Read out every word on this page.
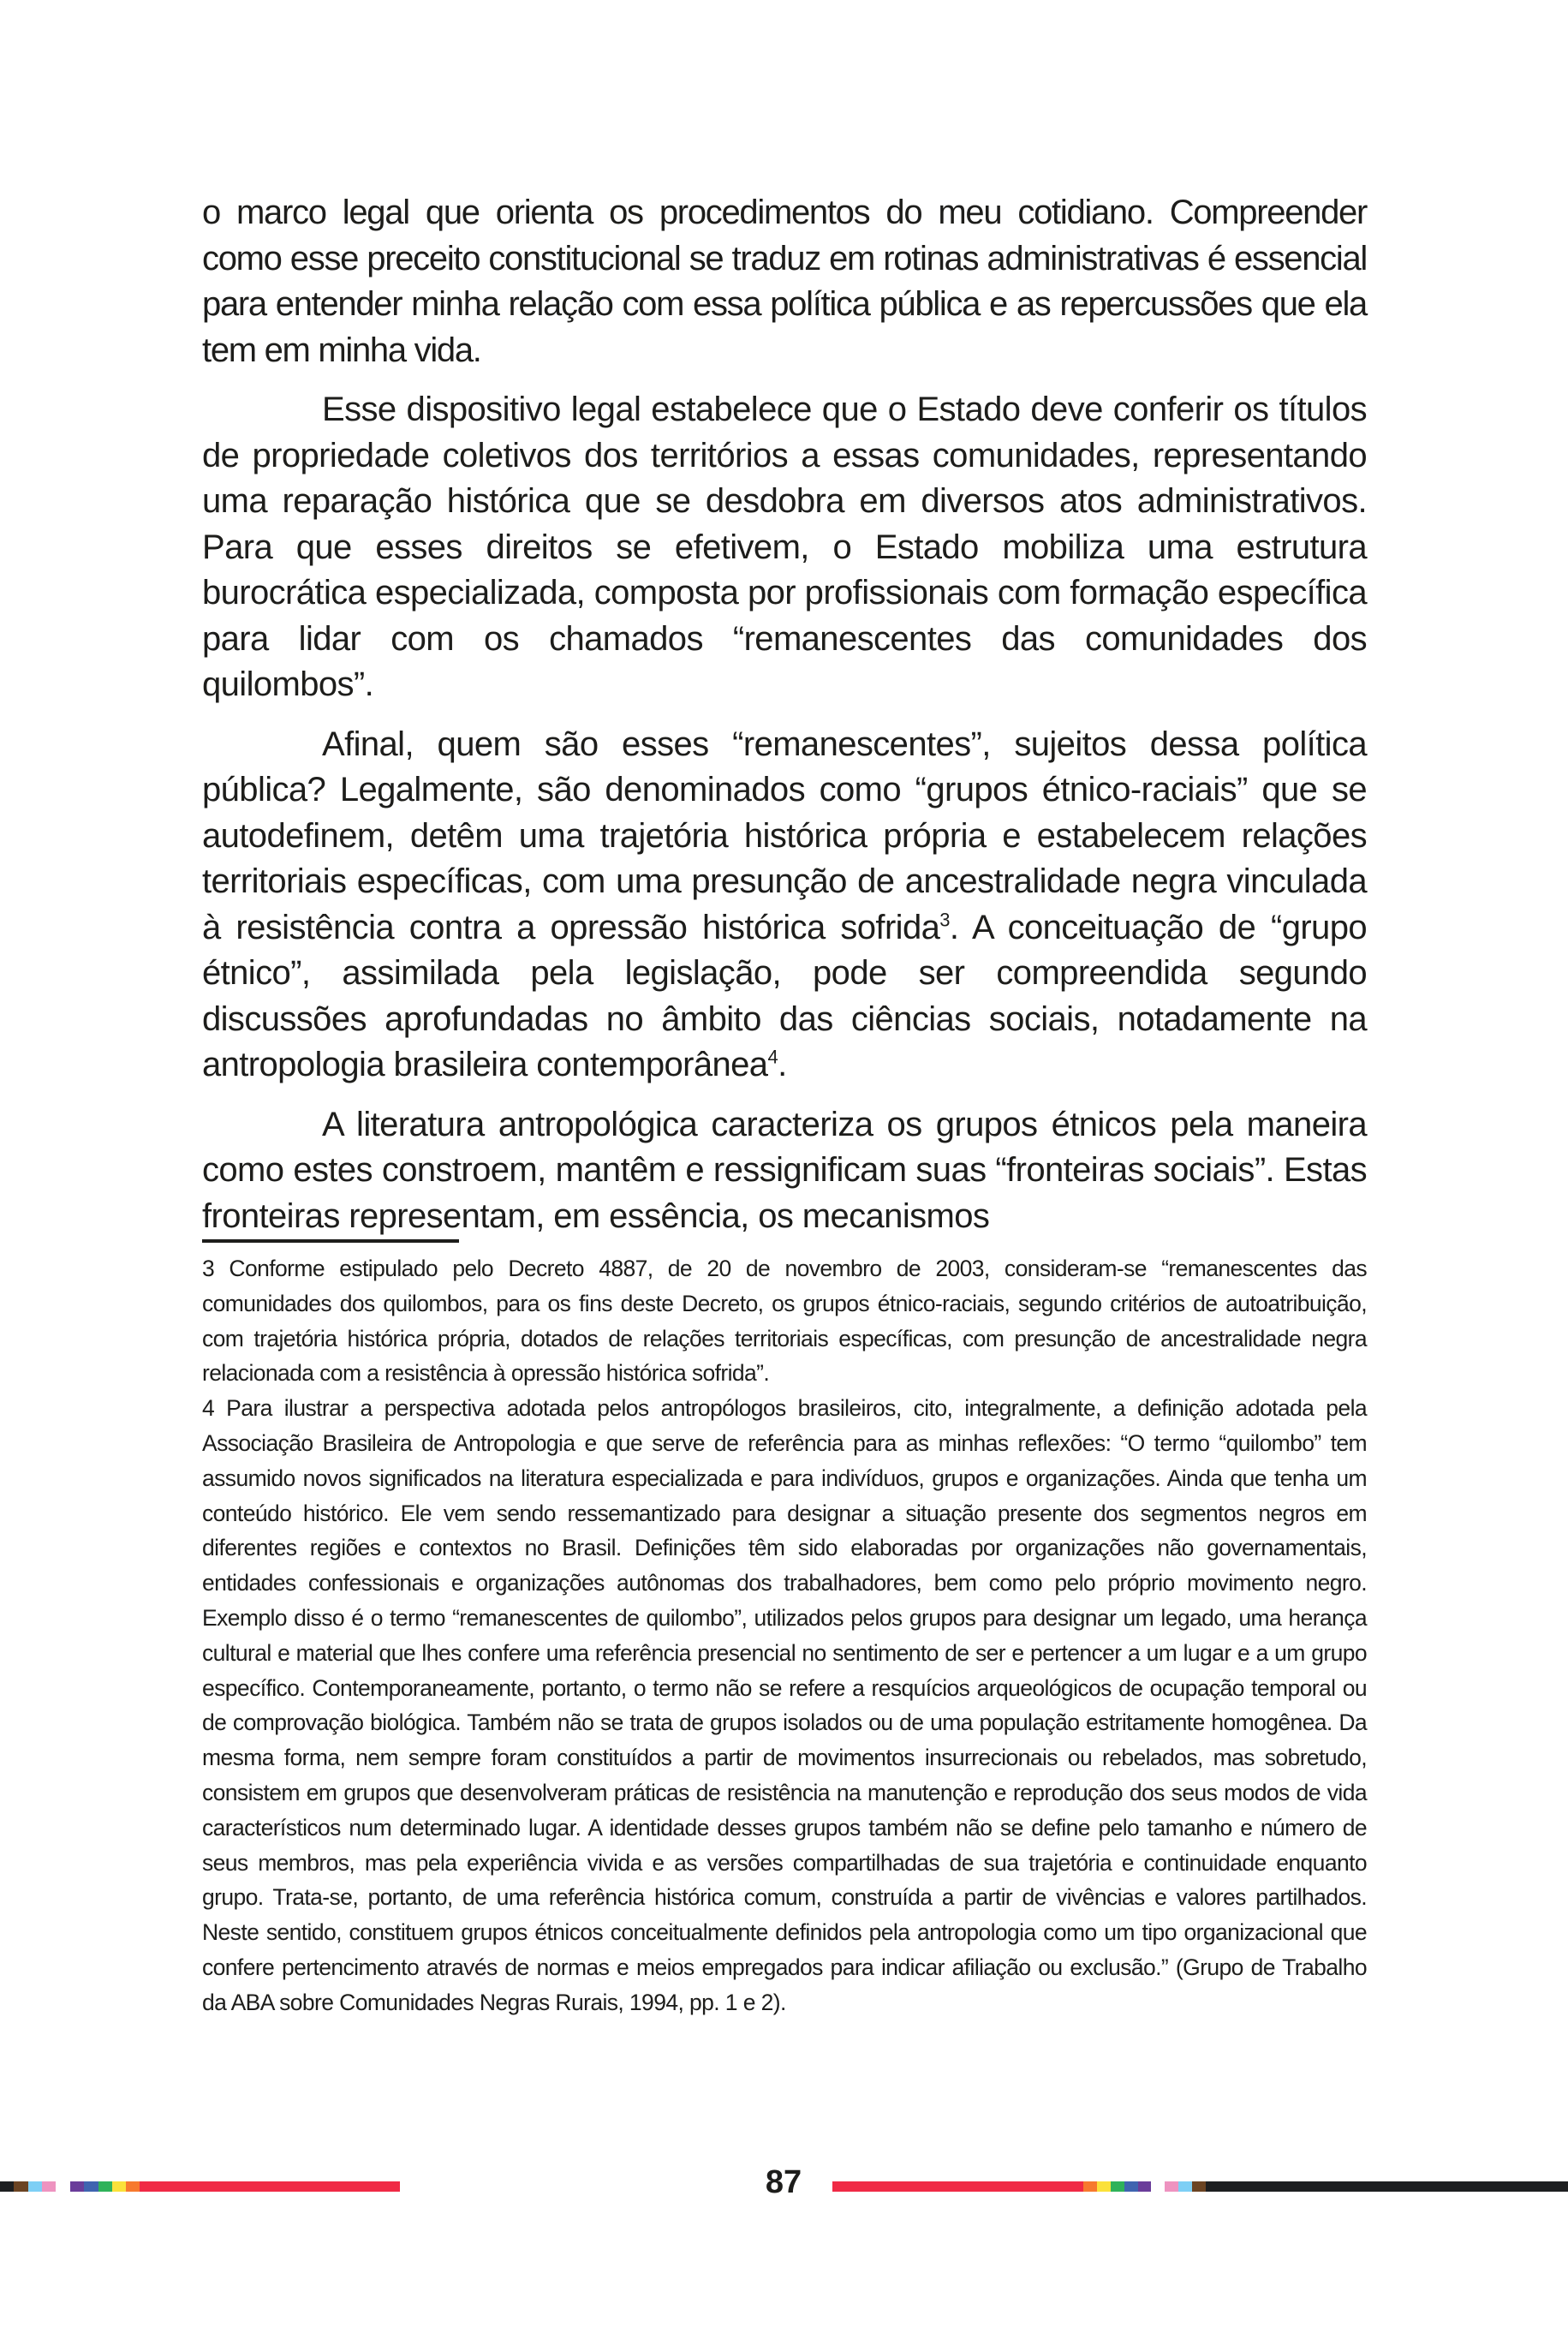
o marco legal que orienta os procedimentos do meu cotidiano. Compreender como esse preceito constitucional se traduz em rotinas administrativas é essencial para entender minha relação com essa política pública e as repercussões que ela tem em minha vida.

Esse dispositivo legal estabelece que o Estado deve conferir os títulos de propriedade coletivos dos territórios a essas comunidades, representando uma reparação histórica que se desdobra em diversos atos administrativos. Para que esses direitos se efetivem, o Estado mobiliza uma estrutura burocrática especializada, composta por profissionais com formação específica para lidar com os chamados “remanescentes das comunidades dos quilombos”.

Afinal, quem são esses “remanescentes”, sujeitos dessa política pública? Legalmente, são denominados como “grupos étnico-raciais” que se autodefinem, detêm uma trajetória histórica própria e estabelecem relações territoriais específicas, com uma presunção de ancestralidade negra vinculada à resistência contra a opressão histórica sofrida$^3$. A conceituação de “grupo étnico”, assimilada pela legislação, pode ser compreendida segundo discussões aprofundadas no âmbito das ciências sociais, notadamente na antropologia brasileira contemporânea$^4$.

A literatura antropológica caracteriza os grupos étnicos pela maneira como estes constroem, mantêm e ressignificam suas “fronteiras sociais”. Estas fronteiras representam, em essência, os mecanismos

3 Conforme estipulado pelo Decreto 4887, de 20 de novembro de 2003, consideram-se “remanescentes das comunidades dos quilombos, para os fins deste Decreto, os grupos étnico-raciais, segundo critérios de autoatribuição, com trajetória histórica própria, dotados de relações territoriais específicas, com presunção de ancestralidade negra relacionada com a resistência à opressão histórica sofrida”.

4 Para ilustrar a perspectiva adotada pelos antropólogos brasileiros, cito, integralmente, a definição adotada pela Associação Brasileira de Antropologia e que serve de referência para as minhas reflexões: “O termo “quilombo” tem assumido novos significados na literatura especializada e para indivíduos, grupos e organizações. Ainda que tenha um conteúdo histórico. Ele vem sendo ressemantizado para designar a situação presente dos segmentos negros em diferentes regiões e contextos no Brasil. Definições têm sido elaboradas por organizações não governamentais, entidades confessionais e organizações autônomas dos trabalhadores, bem como pelo próprio movimento negro. Exemplo disso é o termo “remanescentes de quilombo”, utilizados pelos grupos para designar um legado, uma herança cultural e material que lhes confere uma referência presencial no sentimento de ser e pertencer a um lugar e a um grupo específico. Contemporaneamente, portanto, o termo não se refere a resquícios arqueológicos de ocupação temporal ou de comprovação biológica. Também não se trata de grupos isolados ou de uma população estritamente homogênea. Da mesma forma, nem sempre foram constituídos a partir de movimentos insurrecionais ou rebelados, mas sobretudo, consistem em grupos que desenvolveram práticas de resistência na manutenção e reprodução dos seus modos de vida característicos num determinado lugar. A identidade desses grupos também não se define pelo tamanho e número de seus membros, mas pela experiência vivida e as versões compartilhadas de sua trajetória e continuidade enquanto grupo. Trata-se, portanto, de uma referência histórica comum, construída a partir de vivências e valores partilhados. Neste sentido, constituem grupos étnicos conceitualmente definidos pela antropologia como um tipo organizacional que confere pertencimento através de normas e meios empregados para indicar afiliação ou exclusão.” (Grupo de Trabalho da ABA sobre Comunidades Negras Rurais, 1994, pp. 1 e 2).

87
